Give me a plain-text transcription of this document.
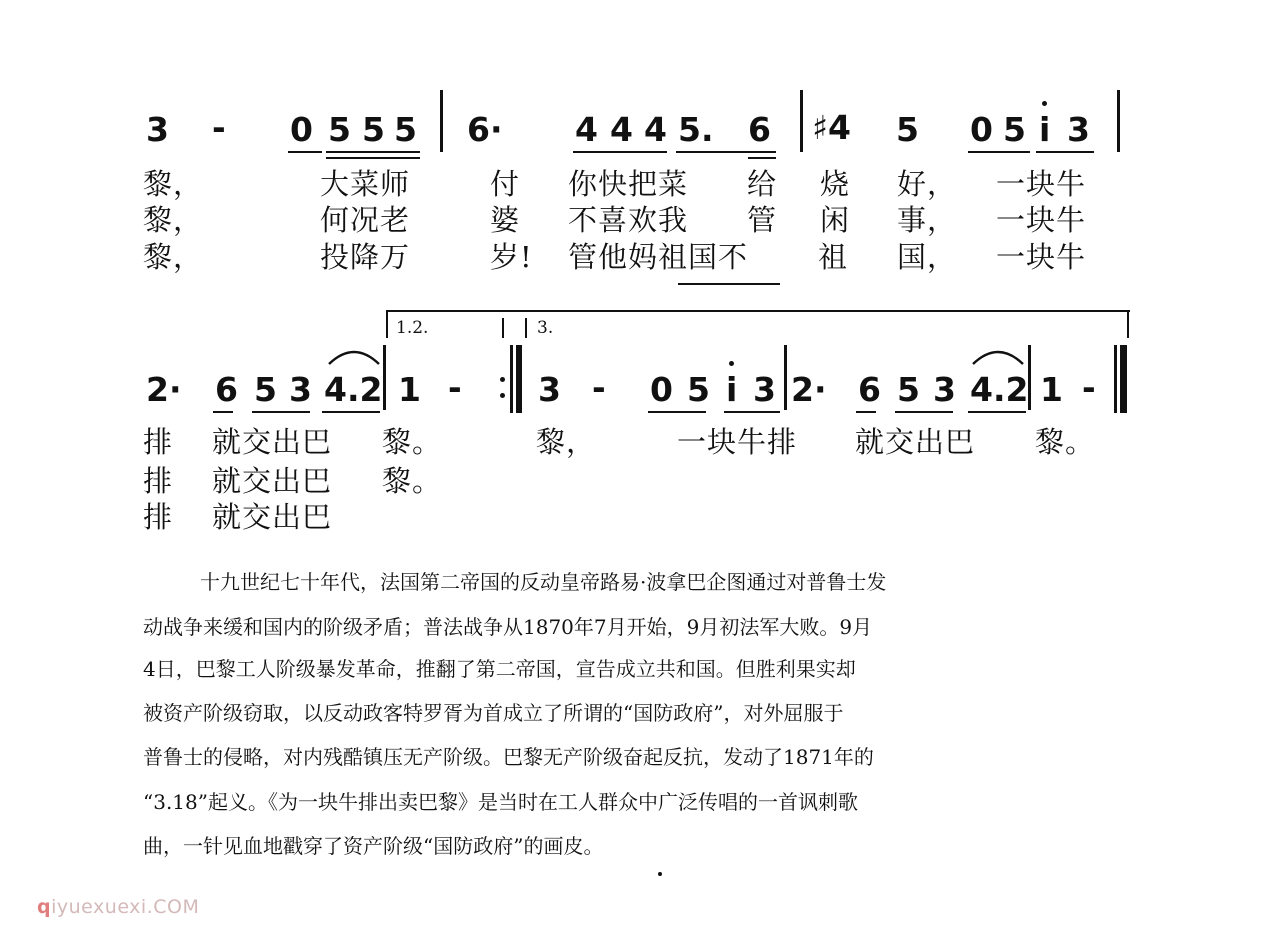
3 - 0 5 5 5 6· 4 4 4 5. 6 ♯4 5 0 5 i 3
黎，	大菜师	付 你快把菜 给 烧 好， 一块牛
黎，	何况老	婆 不喜欢我 管 闲 事， 一块牛
黎，	投降万	岁! 管他妈祖国不 祖 国， 一块牛
1.2.	3.
2· 6 5 3 4.2 1 - 3 - 0 5 i 3 2· 6 5 3 4.2 1 -
排 就交出巴 黎。	黎，	一块牛排 就交出巴 黎。
排 就交出巴 黎。
排 就交出巴
十九世纪七十年代，法国第二帝国的反动皇帝路易·波拿巴企图通过对普鲁士发
动战争来缓和国内的阶级矛盾；普法战争从1870年7月开始，9月初法军大败。9月
4日，巴黎工人阶级暴发革命，推翻了第二帝国，宣告成立共和国。但胜利果实却
被资产阶级窃取，以反动政客特罗胥为首成立了所谓的“国防政府”，对外屈服于
普鲁士的侵略，对内残酷镇压无产阶级。巴黎无产阶级奋起反抗，发动了1871年的
“3.18”起义。《为一块牛排出卖巴黎》是当时在工人群众中广泛传唱的一首讽刺歌
曲，一针见血地戳穿了资产阶级“国防政府”的画皮。
qiyuexuexi.COM
